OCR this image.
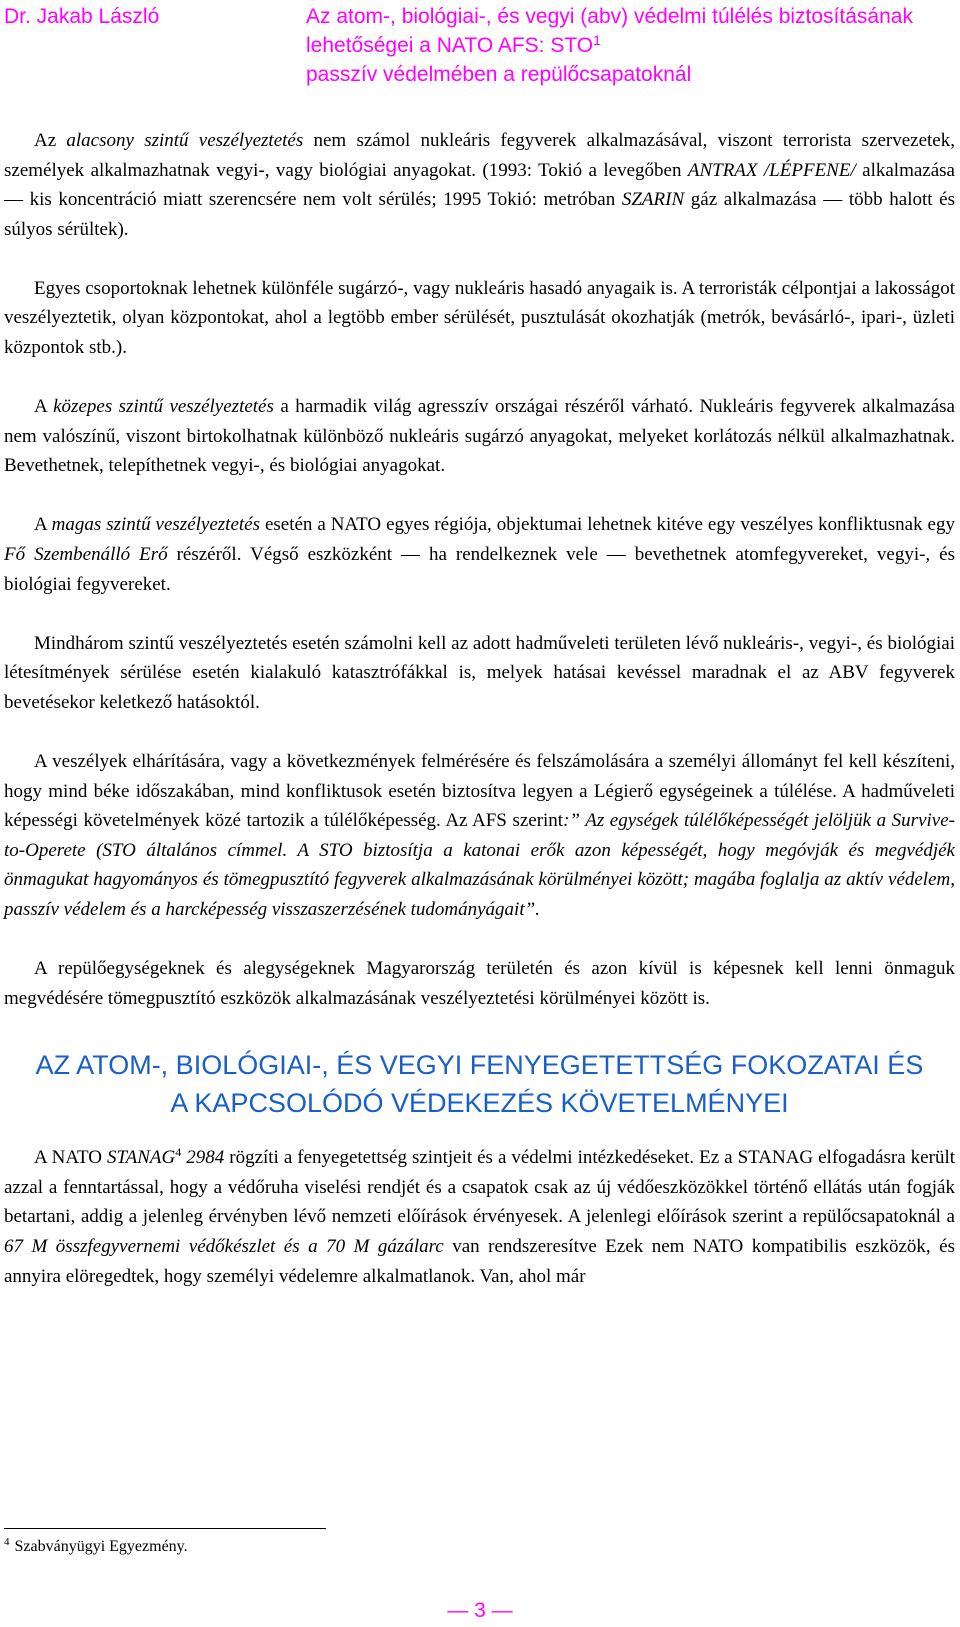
Dr. Jakab László	Az atom-, biológiai-, és vegyi (abv) védelmi túlélés biztosításának lehetőségei a NATO AFS: STO$^1$
passzív védelmében a repülőcsapatoknál

Az alacsony szintű veszélyeztetés nem számol nukleáris fegyverek alkalmazásával, viszont terrorista szervezetek, személyek alkalmazhatnak vegyi-, vagy biológiai anyagokat. (1993: Tokió a levegőben ANTRAX /LÉPFENE/ alkalmazása — kis koncentráció miatt szerencsére nem volt sérülés; 1995 Tokió: metróban SZARIN gáz alkalmazása — több halott és súlyos sérültek).

Egyes csoportoknak lehetnek különféle sugárzó-, vagy nukleáris hasadó anyagaik is. A terroristák célpontjai a lakosságot veszélyeztetik, olyan központokat, ahol a legtöbb ember sérülését, pusztulását okozhatják (metrók, bevásárló-, ipari-, üzleti központok stb.).

A közepes szintű veszélyeztetés a harmadik világ agresszív országai részéről várható. Nukleáris fegyverek alkalmazása nem valószínű, viszont birtokolhatnak különböző nukleáris sugárzó anyagokat, melyeket korlátozás nélkül alkalmazhatnak. Bevethetnek, telepíthetnek vegyi-, és biológiai anyagokat.

A magas szintű veszélyeztetés esetén a NATO egyes régiója, objektumai lehetnek kitéve egy veszélyes konfliktusnak egy Fő Szembenálló Erő részéről. Végső eszközként — ha rendelkeznek vele — bevethetnek atomfegyvereket, vegyi-, és biológiai fegyvereket.

Mindhárom szintű veszélyeztetés esetén számolni kell az adott hadműveleti területen lévő nukleáris-, vegyi-, és biológiai létesítmények sérülése esetén kialakuló katasztrófákkal is, melyek hatásai kevéssel maradnak el az ABV fegyverek bevetésekor keletkező hatásoktól.

A veszélyek elhárítására, vagy a következmények felmérésére és felszámolására a személyi állományt fel kell készíteni, hogy mind béke időszakában, mind konfliktusok esetén biztosítva legyen a Légierő egységeinek a túlélése. A hadműveleti képességi követelmények közé tartozik a túlélőképesség. Az AFS szerint:” Az egységek túlélőképességét jelöljük a Survive-to-Operete (STO általános címmel. A STO biztosítja a katonai erők azon képességét, hogy megóvják és megvédjék önmagukat hagyományos és tömegpusztító fegyverek alkalmazásának körülményei között; magába foglalja az aktív védelem, passzív védelem és a harcképesség visszaszerzésének tudományágait”.

A repülőegységeknek és alegységeknek Magyarország területén és azon kívül is képesnek kell lenni önmaguk megvédésére tömegpusztító eszközök alkalmazásának veszélyeztetési körülményei között is.

AZ ATOM-, BIOLÓGIAI-, ÉS VEGYI FENYEGETETTSÉG FOKOZATAI ÉS A KAPCSOLÓDÓ VÉDEKEZÉS KÖVETELMÉNYEI

A NATO STANAG$^4$ 2984 rögzíti a fenyegetettség szintjeit és a védelmi intézkedéseket. Ez a STANAG elfogadásra került azzal a fenntartással, hogy a védőruha viselési rendjét és a csapatok csak az új védőeszközökkel történő ellátás után fogják betartani, addig a jelenleg érvényben lévő nemzeti előírások érvényesek. A jelenlegi előírások szerint a repülőcsapatoknál a 67 M összfegyvernemi védőkészlet és a 70 M gázálarc van rendszeresítve Ezek nem NATO kompatibilis eszközök, és annyira elöregedtek, hogy személyi védelemre alkalmatlanok. Van, ahol már

$^4$ Szabványügyi Egyezmény.
— 3 —
